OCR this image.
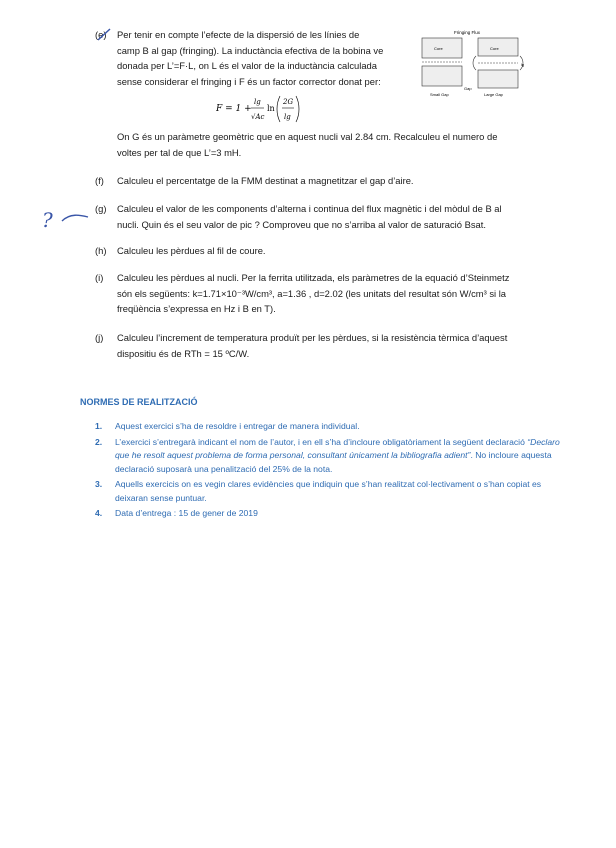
?
(e)	Per tenir en compte l’efecte de la dispersió de les línies de
camp B al gap (fringing). La inductància efectiva de la bobina ve
donada per L’=F·L, on L és el valor de la inductància calculada
sense considerar el fringing i F és un factor corrector donat per:
Fringing Flux
Core	Core
Small Gap	Large Gap
Gap
lg
F = 1 +
lg
√Ac
ln
2G
lg
On G és un paràmetre geomètric que en aquest nucli val 2.84 cm. Recalculeu el numero de
voltes per tal de que L’=3 mH.
(f)	Calculeu el percentatge de la FMM destinat a magnetitzar el gap d’aire.
(g)	Calculeu el valor de les components d’alterna i continua del flux magnètic i del mòdul de B al
nucli. Quin és el seu valor de pic ? Comproveu que no s’arriba al valor de saturació Bsat.
(h)	Calculeu les pèrdues al fil de coure.
(i)	Calculeu les pèrdues al nucli. Per la ferrita utilitzada, els paràmetres de la equació d’Steinmetz
són els següents: k=1.71×10⁻³W/cm³, a=1.36 , d=2.02 (les unitats del resultat són W/cm³ si la
freqüència s’expressa en Hz i B en T).
(j)	Calculeu l’increment de temperatura produït per les pèrdues, si la resistència tèrmica d’aquest
dispositiu és de RTh = 15 ºC/W.
NORMES DE REALITZACIÓ
1.	Aquest exercici s’ha de resoldre i entregar de manera individual.
2.	L’exercici s’entregarà indicant el nom de l’autor, i en ell s’ha d’incloure obligatòriament la següent declaració “Declaro que he resolt aquest problema de forma personal, consultant únicament la bibliografia adient”. No incloure aquesta declaració suposarà una penalització del 25% de la nota.
3.	Aquells exercicis on es vegin clares evidències que indiquin que s’han realitzat col·lectivament o s’han copiat es deixaran sense puntuar.
4.	Data d’entrega : 15 de gener de 2019
